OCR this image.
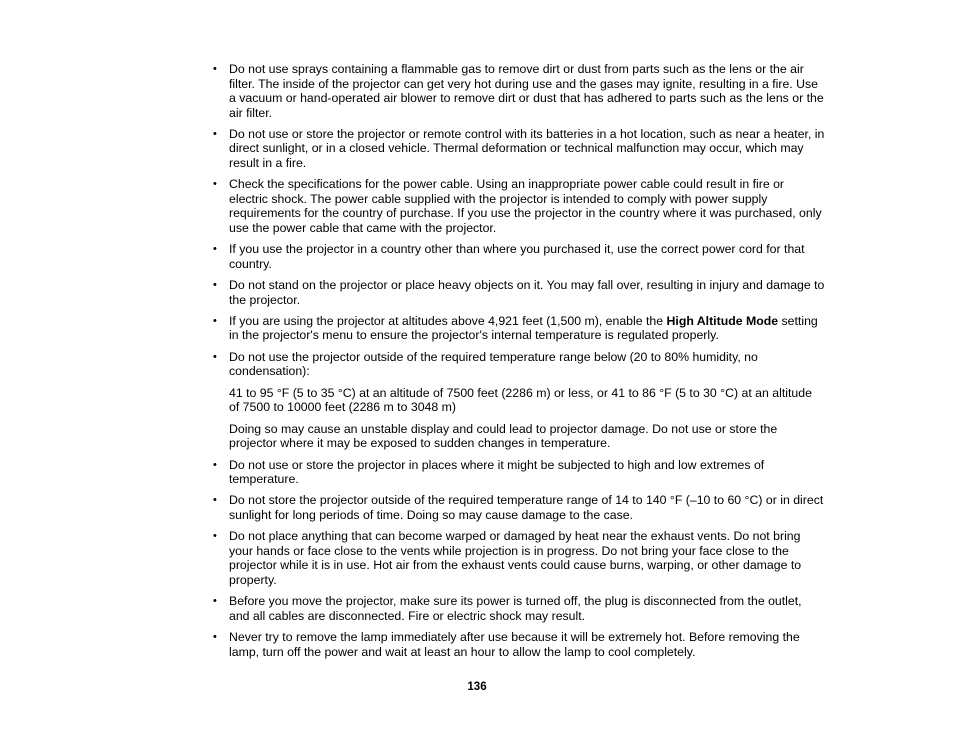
• Do not use sprays containing a flammable gas to remove dirt or dust from parts such as the lens or the air filter. The inside of the projector can get very hot during use and the gases may ignite, resulting in a fire. Use a vacuum or hand-operated air blower to remove dirt or dust that has adhered to parts such as the lens or the air filter.

• Do not use or store the projector or remote control with its batteries in a hot location, such as near a heater, in direct sunlight, or in a closed vehicle. Thermal deformation or technical malfunction may occur, which may result in a fire.

• Check the specifications for the power cable. Using an inappropriate power cable could result in fire or electric shock. The power cable supplied with the projector is intended to comply with power supply requirements for the country of purchase. If you use the projector in the country where it was purchased, only use the power cable that came with the projector.

• If you use the projector in a country other than where you purchased it, use the correct power cord for that country.

• Do not stand on the projector or place heavy objects on it. You may fall over, resulting in injury and damage to the projector.

• If you are using the projector at altitudes above 4,921 feet (1,500 m), enable the High Altitude Mode setting in the projector's menu to ensure the projector's internal temperature is regulated properly.

• Do not use the projector outside of the required temperature range below (20 to 80% humidity, no condensation):

41 to 95 °F (5 to 35 °C) at an altitude of 7500 feet (2286 m) or less, or 41 to 86 °F (5 to 30 °C) at an altitude of 7500 to 10000 feet (2286 m to 3048 m)

Doing so may cause an unstable display and could lead to projector damage. Do not use or store the projector where it may be exposed to sudden changes in temperature.

• Do not use or store the projector in places where it might be subjected to high and low extremes of temperature.

• Do not store the projector outside of the required temperature range of 14 to 140 °F (–10 to 60 °C) or in direct sunlight for long periods of time. Doing so may cause damage to the case.

• Do not place anything that can become warped or damaged by heat near the exhaust vents. Do not bring your hands or face close to the vents while projection is in progress. Do not bring your face close to the projector while it is in use. Hot air from the exhaust vents could cause burns, warping, or other damage to property.

• Before you move the projector, make sure its power is turned off, the plug is disconnected from the outlet, and all cables are disconnected. Fire or electric shock may result.

• Never try to remove the lamp immediately after use because it will be extremely hot. Before removing the lamp, turn off the power and wait at least an hour to allow the lamp to cool completely.

136
